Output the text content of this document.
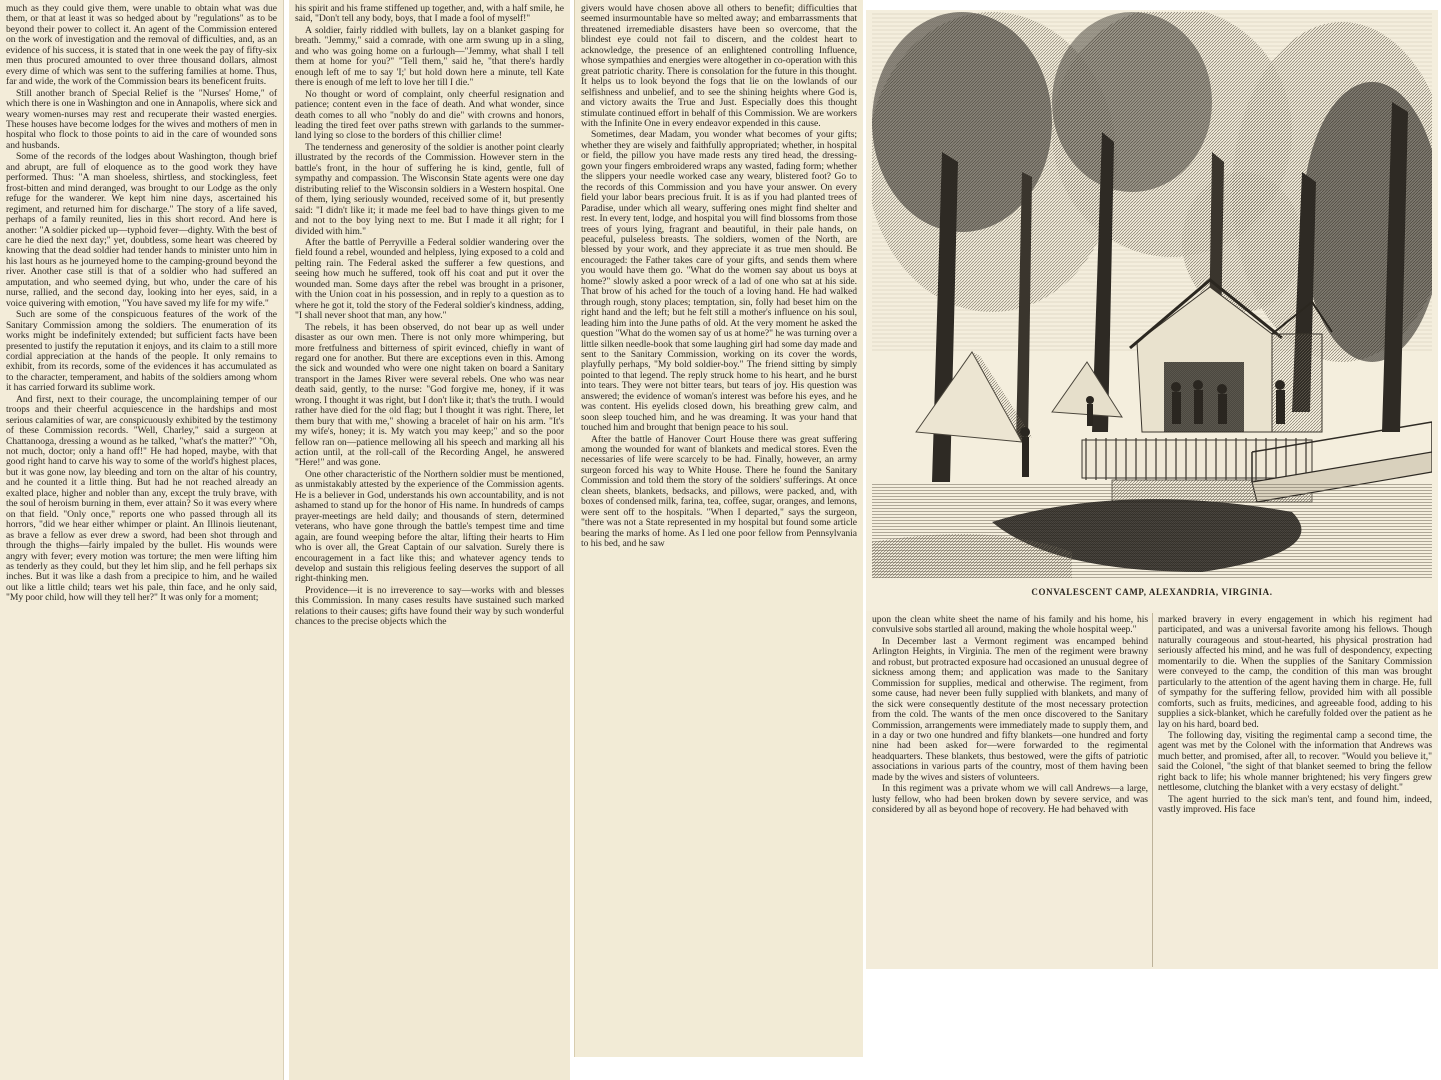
much as they could give them, were unable to obtain what was due them, or that at least it was so hedged about by "regulations" as to be beyond their power to collect it. An agent of the Commission entered on the work of investigation and the removal of difficulties, and, as an evidence of his success, it is stated that in one week the pay of fifty-six men thus procured amounted to over three thousand dollars, almost every dime of which was sent to the suffering families at home. Thus, far and wide, the work of the Commission bears its beneficent fruits.

Still another branch of Special Relief is the "Nurses' Home," of which there is one in Washington and one in Annapolis, where sick and weary women-nurses may rest and recuperate their wasted energies. These houses have become lodges for the wives and mothers of men in hospital who flock to those points to aid in the care of wounded sons and husbands.

Some of the records of the lodges about Washington, though brief and abrupt, are full of eloquence as to the good work they have performed. Thus: "A man shoeless, shirtless, and stockingless, feet frost-bitten and mind deranged, was brought to our Lodge as the only refuge for the wanderer. We kept him nine days, ascertained his regiment, and returned him for discharge." The story of a life saved, perhaps of a family reunited, lies in this short record. And here is another: "A soldier picked up—typhoid fever—dighty. With the best of care he died the next day;" yet, doubtless, some heart was cheered by knowing that the dead soldier had tender hands to minister unto him in his last hours as he journeyed home to the camping-ground beyond the river. Another case still is that of a soldier who had suffered an amputation, and who seemed dying, but who, under the care of his nurse, rallied, and the second day, looking into her eyes, said, in a voice quivering with emotion, "You have saved my life for my wife."

Such are some of the conspicuous features of the work of the Sanitary Commission among the soldiers. The enumeration of its works might be indefinitely extended; but sufficient facts have been presented to justify the reputation it enjoys, and its claim to a still more cordial appreciation at the hands of the people. It only remains to exhibit, from its records, some of the evidences it has accumulated as to the character, temperament, and habits of the soldiers among whom it has carried forward its sublime work.

And first, next to their courage, the uncomplaining temper of our troops and their cheerful acquiescence in the hardships and most serious calamities of war, are conspicuously exhibited by the testimony of these Commission records. "Well, Charley," said a surgeon at Chattanooga, dressing a wound as he talked, "what's the matter?" "Oh, not much, doctor; only a hand off!" He had hoped, maybe, with that good right hand to carve his way to some of the world's highest places, but it was gone now, lay bleeding and torn on the altar of his country, and he counted it a little thing. But had he not reached already an exalted place, higher and nobler than any, except the truly brave, with the soul of heroism burning in them, ever attain? So it was every where on that field. "Only once," reports one who passed through all its horrors, "did we hear either whimper or plaint. An Illinois lieutenant, as brave a fellow as ever drew a sword, had been shot through and through the thighs—fairly impaled by the bullet. His wounds were angry with fever; every motion was torture; the men were lifting him as tenderly as they could, but they let him slip, and he fell perhaps six inches. But it was like a dash from a precipice to him, and he wailed out like a little child; tears wet his pale, thin face, and he only said, "My poor child, how will they tell her?" It was only for a moment;

his spirit and his frame stiffened up together, and, with a half smile, he said, "Don't tell any body, boys, that I made a fool of myself!"

A soldier, fairly riddled with bullets, lay on a blanket gasping for breath. "Jemmy," said a comrade, with one arm swung up in a sling, and who was going home on a furlough—"Jemmy, what shall I tell them at home for you?" "Tell them," said he, "that there's hardly enough left of me to say 'I;' but hold down here a minute, tell Kate there is enough of me left to love her till I die."

No thought or word of complaint, only cheerful resignation and patience; content even in the face of death. And what wonder, since death comes to all who "nobly do and die" with crowns and honors, leading the tired feet over paths strewn with garlands to the summer-land lying so close to the borders of this chillier clime!

The tenderness and generosity of the soldier is another point clearly illustrated by the records of the Commission. However stern in the battle's front, in the hour of suffering he is kind, gentle, full of sympathy and compassion. The Wisconsin State agents were one day distributing relief to the Wisconsin soldiers in a Western hospital. One of them, lying seriously wounded, received some of it, but presently said: "I didn't like it; it made me feel bad to have things given to me and not to the boy lying next to me. But I made it all right; for I divided with him."

After the battle of Perryville a Federal soldier wandering over the field found a rebel, wounded and helpless, lying exposed to a cold and pelting rain. The Federal asked the sufferer a few questions, and seeing how much he suffered, took off his coat and put it over the wounded man. Some days after the rebel was brought in a prisoner, with the Union coat in his possession, and in reply to a question as to where he got it, told the story of the Federal soldier's kindness, adding, "I shall never shoot that man, any how."

The rebels, it has been observed, do not bear up as well under disaster as our own men. There is not only more whimpering, but more fretfulness and bitterness of spirit evinced, chiefly in want of regard one for another. But there are exceptions even in this. Among the sick and wounded who were one night taken on board a Sanitary transport in the James River were several rebels. One who was near death said, gently, to the nurse: "God forgive me, honey, if it was wrong. I thought it was right, but I don't like it; that's the truth. I would rather have died for the old flag; but I thought it was right. There, let them bury that with me," showing a bracelet of hair on his arm. "It's my wife's, honey; it is. My watch you may keep;" and so the poor fellow ran on—patience mellowing all his speech and marking all his action until, at the roll-call of the Recording Angel, he answered "Here!" and was gone.

One other characteristic of the Northern soldier must be mentioned, as unmistakably attested by the experience of the Commission agents. He is a believer in God, understands his own accountability, and is not ashamed to stand up for the honor of His name. In hundreds of camps prayer-meetings are held daily; and thousands of stern, determined veterans, who have gone through the battle's tempest time and time again, are found weeping before the altar, lifting their hearts to Him who is over all, the Great Captain of our salvation. Surely there is encouragement in a fact like this; and whatever agency tends to develop and sustain this religious feeling deserves the support of all right-thinking men.

Providence—it is no irreverence to say—works with and blesses this Commission. In many cases results have sustained such marked relations to their causes; gifts have found their way by such wonderful chances to the precise objects which the

givers would have chosen above all others to benefit; difficulties that seemed insurmountable have so melted away; and embarrassments that threatened irremediable disasters have been so overcome, that the blindest eye could not fail to discern, and the coldest heart to acknowledge, the presence of an enlightened controlling Influence, whose sympathies and energies were altogether in co-operation with this great patriotic charity. There is consolation for the future in this thought. It helps us to look beyond the fogs that lie on the lowlands of our selfishness and unbelief, and to see the shining heights where God is, and victory awaits the True and Just. Especially does this thought stimulate continued effort in behalf of this Commission. We are workers with the Infinite One in every endeavor expended in this cause.

Sometimes, dear Madam, you wonder what becomes of your gifts; whether they are wisely and faithfully appropriated; whether, in hospital or field, the pillow you have made rests any tired head, the dressing-gown your fingers embroidered wraps any wasted, fading form; whether the slippers your needle worked case any weary, blistered foot? Go to the records of this Commission and you have your answer. On every field your labor bears precious fruit. It is as if you had planted trees of Paradise, under which all weary, suffering ones might find shelter and rest. In every tent, lodge, and hospital you will find blossoms from those trees of yours lying, fragrant and beautiful, in their pale hands, on peaceful, pulseless breasts. The soldiers, women of the North, are blessed by your work, and they appreciate it as true men should. Be encouraged: the Father takes care of your gifts, and sends them where you would have them go. "What do the women say about us boys at home?" slowly asked a poor wreck of a lad of one who sat at his side. That brow of his ached for the touch of a loving hand. He had walked through rough, stony places; temptation, sin, folly had beset him on the right hand and the left; but he felt still a mother's influence on his soul, leading him into the June paths of old. At the very moment he asked the question "What do the women say of us at home?" he was turning over a little silken needle-book that some laughing girl had some day made and sent to the Sanitary Commission, working on its cover the words, playfully perhaps, "My bold soldier-boy." The friend sitting by simply pointed to that legend. The reply struck home to his heart, and he burst into tears. They were not bitter tears, but tears of joy. His question was answered; the evidence of woman's interest was before his eyes, and he was content. His eyelids closed down, his breathing grew calm, and soon sleep touched him, and he was dreaming. It was your hand that touched him and brought that benign peace to his soul.

After the battle of Hanover Court House there was great suffering among the wounded for want of blankets and medical stores. Even the necessaries of life were scarcely to be had. Finally, however, an army surgeon forced his way to White House. There he found the Sanitary Commission and told them the story of the soldiers' sufferings. At once clean sheets, blankets, bedsacks, and pillows, were packed, and, with boxes of condensed milk, farina, tea, coffee, sugar, oranges, and lemons, were sent off to the hospitals. "When I departed," says the surgeon, "there was not a State represented in my hospital but found some article bearing the marks of home. As I led one poor fellow from Pennsylvania to his bed, and he saw

CONVALESCENT CAMP, ALEXANDRIA, VIRGINIA.

upon the clean white sheet the name of his family and his home, his convulsive sobs startled all around, making the whole hospital weep."

In December last a Vermont regiment was encamped behind Arlington Heights, in Virginia. The men of the regiment were brawny and robust, but protracted exposure had occasioned an unusual degree of sickness among them; and application was made to the Sanitary Commission for supplies, medical and otherwise. The regiment, from some cause, had never been fully supplied with blankets, and many of the sick were consequently destitute of the most necessary protection from the cold. The wants of the men once discovered to the Sanitary Commission, arrangements were immediately made to supply them, and in a day or two one hundred and fifty blankets—one hundred and forty nine had been asked for—were forwarded to the regimental headquarters. These blankets, thus bestowed, were the gifts of patriotic associations in various parts of the country, most of them having been made by the wives and sisters of volunteers.

In this regiment was a private whom we will call Andrews—a large, lusty fellow, who had been broken down by severe service, and was considered by all as beyond hope of recovery. He had behaved with

marked bravery in every engagement in which his regiment had participated, and was a universal favorite among his fellows. Though naturally courageous and stout-hearted, his physical prostration had seriously affected his mind, and he was full of despondency, expecting momentarily to die. When the supplies of the Sanitary Commission were conveyed to the camp, the condition of this man was brought particularly to the attention of the agent having them in charge. He, full of sympathy for the suffering fellow, provided him with all possible comforts, such as fruits, medicines, and agreeable food, adding to his supplies a sick-blanket, which he carefully folded over the patient as he lay on his hard, board bed.

The following day, visiting the regimental camp a second time, the agent was met by the Colonel with the information that Andrews was much better, and promised, after all, to recover. "Would you believe it," said the Colonel, "the sight of that blanket seemed to bring the fellow right back to life; his whole manner brightened; his very fingers grew nettlesome, clutching the blanket with a very ecstasy of delight."

The agent hurried to the sick man's tent, and found him, indeed, vastly improved. His face
